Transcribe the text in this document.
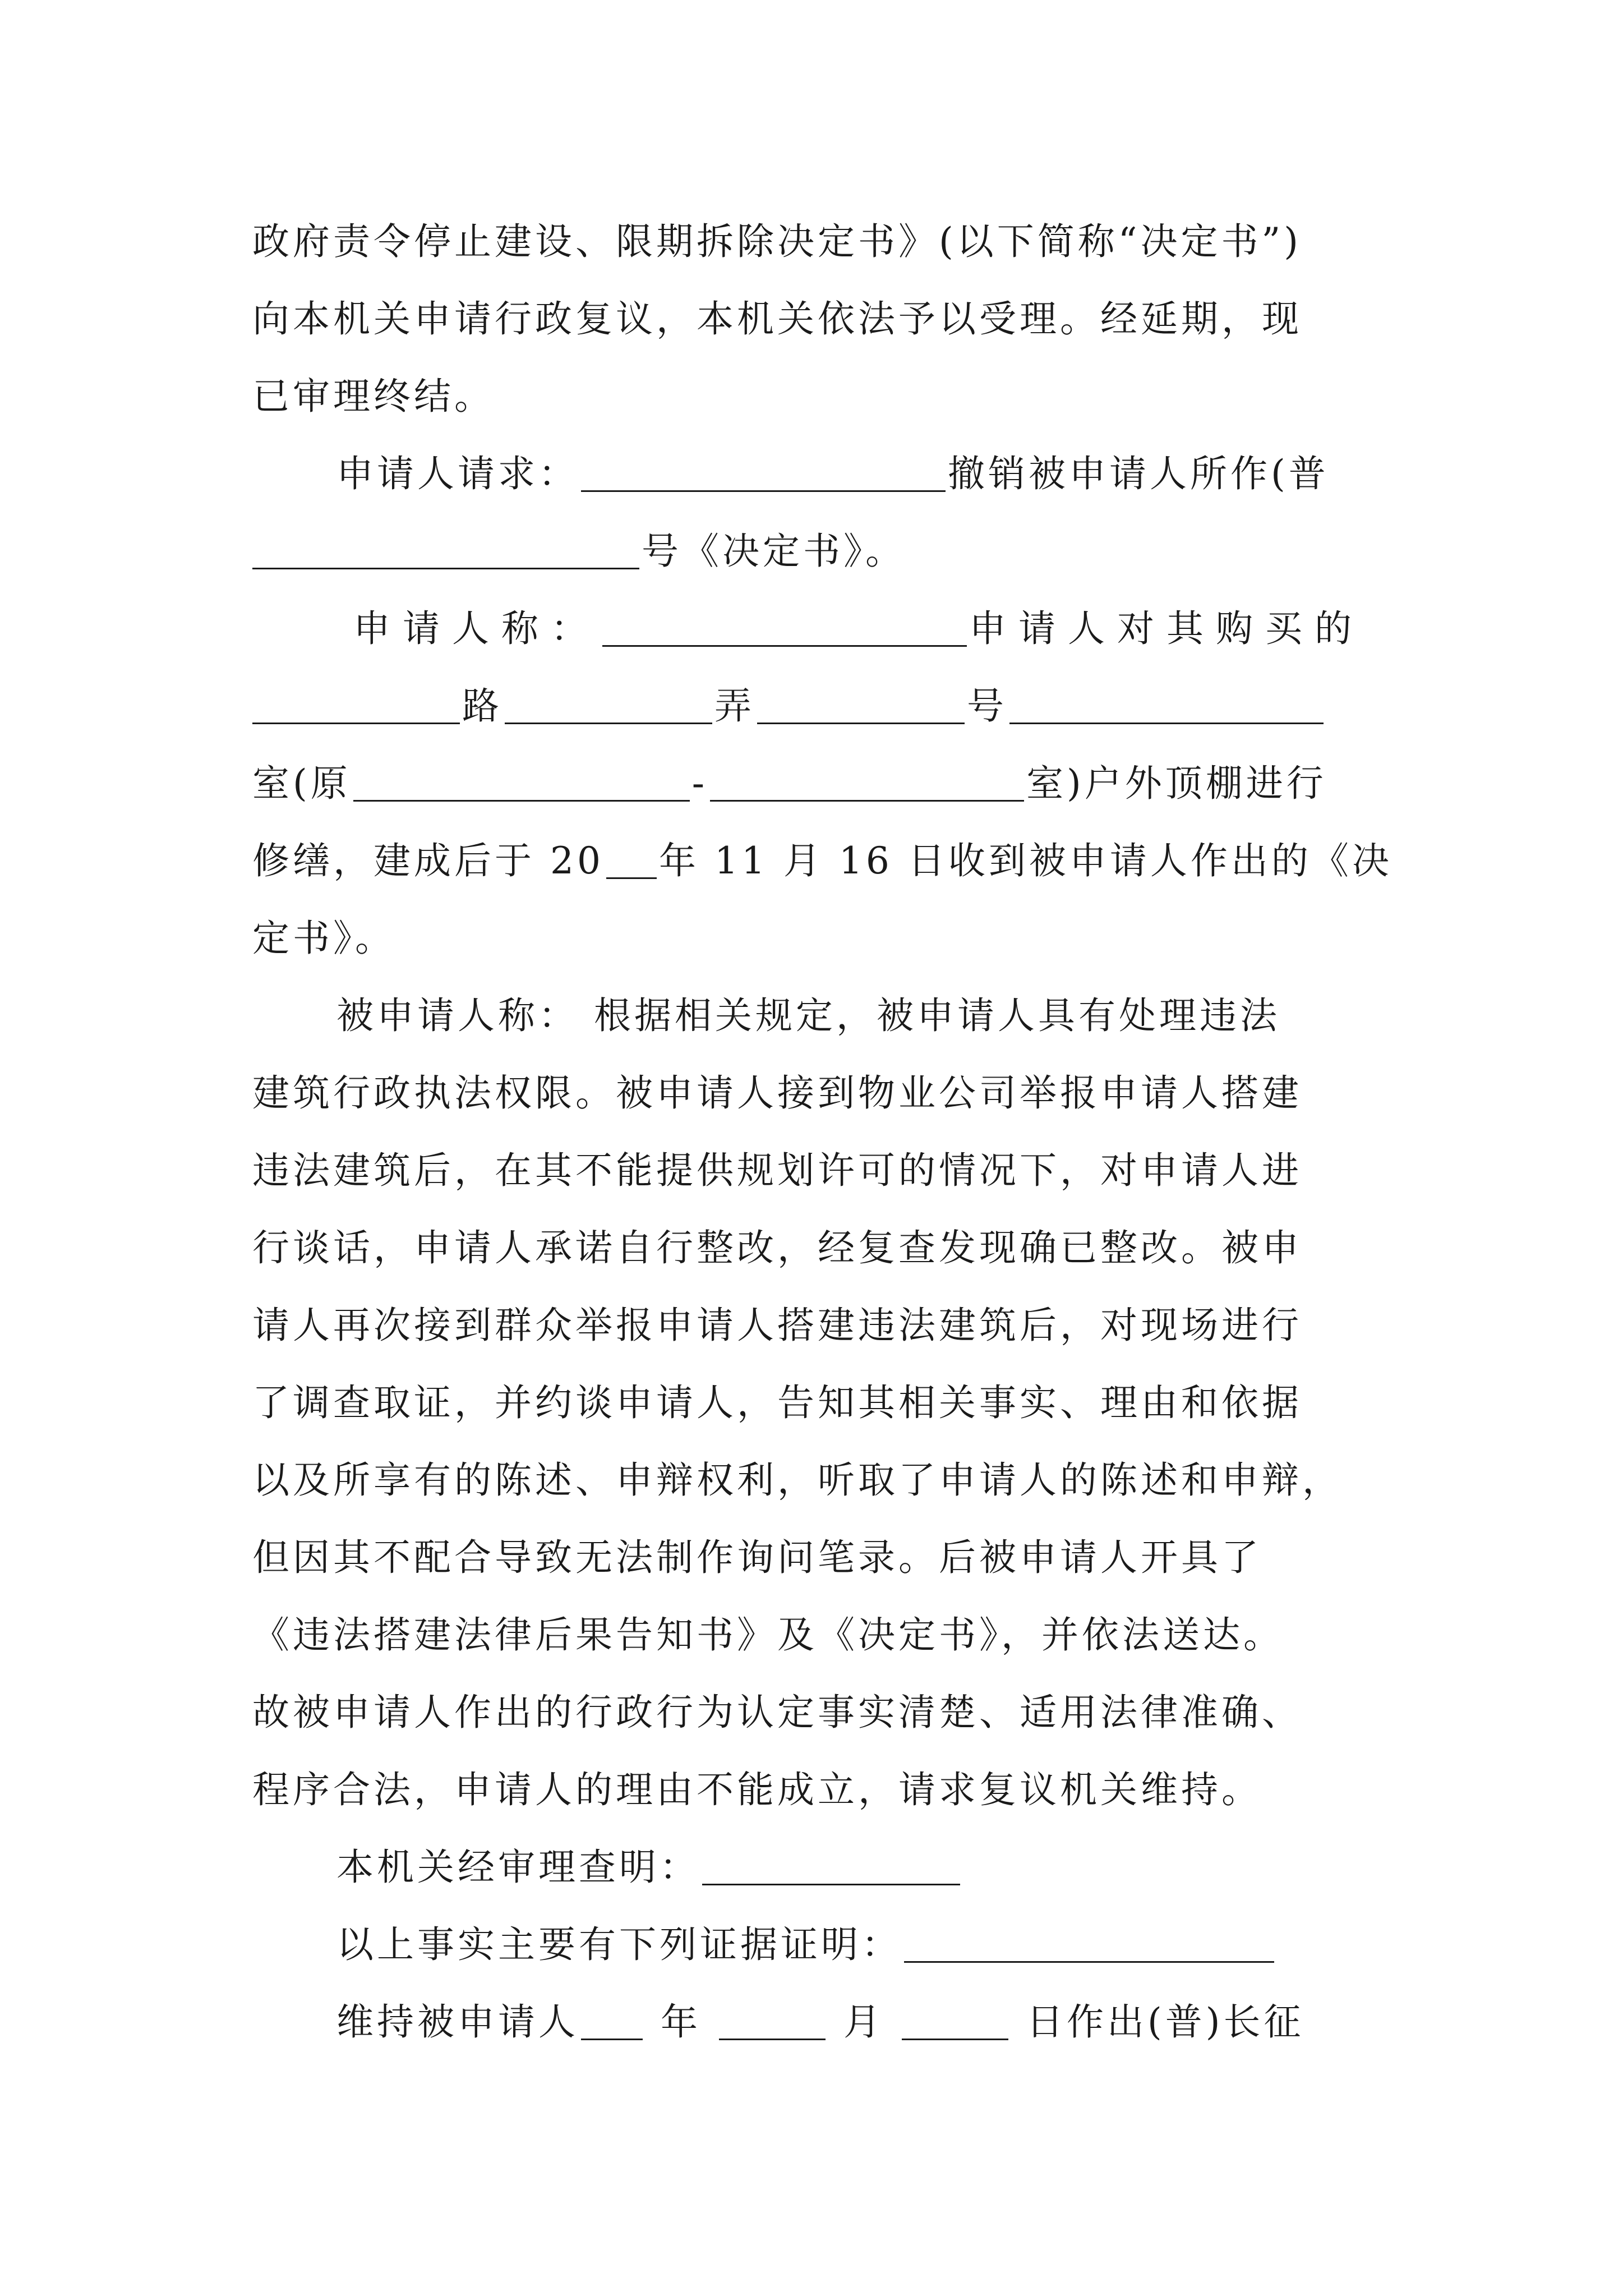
政府责令停止建设、限期拆除决定书》(以下简称“决定书”)
向本机关申请行政复议，本机关依法予以受理。经延期，现
已审理终结。
申请人请求：	撤销被申请人所作(普
号《决定书》。
申请人称：	申请人对其购买的
路	弄	号
室(原	-	室)户外顶棚进行
修缮，建成后于 20 年 11 月 16 日收到被申请人作出的《决
定书》。
被申请人称： 根据相关规定，被申请人具有处理违法
建筑行政执法权限。被申请人接到物业公司举报申请人搭建
违法建筑后，在其不能提供规划许可的情况下，对申请人进
行谈话，申请人承诺自行整改，经复查发现确已整改。被申
请人再次接到群众举报申请人搭建违法建筑后，对现场进行
了调查取证，并约谈申请人，告知其相关事实、理由和依据
以及所享有的陈述、申辩权利，听取了申请人的陈述和申辩，
但因其不配合导致无法制作询问笔录。后被申请人开具了
《违法搭建法律后果告知书》及《决定书》，并依法送达。
故被申请人作出的行政行为认定事实清楚、适用法律准确、
程序合法，申请人的理由不能成立，请求复议机关维持。
本机关经审理查明：
以上事实主要有下列证据证明：
维持被申请人 年	月	日作出(普)长征
